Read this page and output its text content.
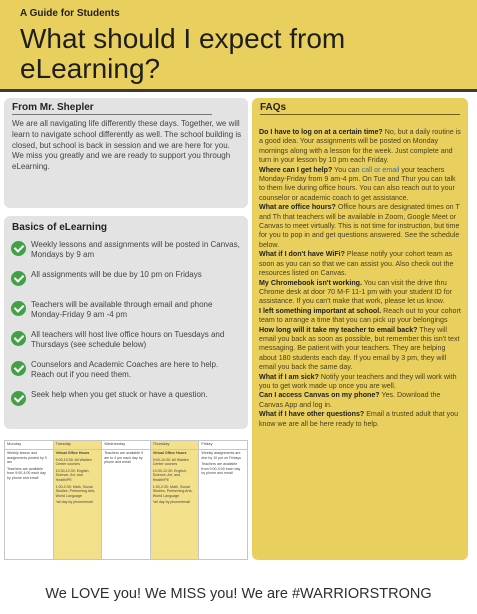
A Guide for Students
What should I expect from eLearning?
From Mr. Shepler

We are all navigating life differently these days. Together, we will learn to navigate school differently as well. The school building is closed, but school is back in session and we are here for you. We miss you greatly and we are ready to support you through eLearning.

Basics of eLearning
Weekly lessons and assignments will be posted in Canvas, Mondays by 9 am
All assignments will be due by 10 pm on Fridays
Teachers will be available through email and phone Monday-Friday 9 am -4 pm
All teachers will host live office hours on Tuesdays and Thursdays (see schedule below)
Counselors and Academic Coaches are here to help. Reach out if you need them.
Seek help when you get stuck or have a question.
Monday	Tuesday	Wednesday	Thursday	Friday

Weekly lesson and assignments posted by 9 am
Teachers are available from 9:00-4:00 each day by phone and email	Virtual Office Hours
9:00-10:30: All Walden Center courses
10:30-12:30: English, Science, Art, and Health/PE
1:00-2:30: Math, Social Studies, Performing Arts, World Language
*all day by phone/email	Teachers are available 9 am to 4 pm each day by phone and email	Virtual Office Hours
9:00-10:30: All Walden Center courses
10:30-12:30: English, Science, Art, and Health/PE
1:00-2:30: Math, Social Studies, Performing Arts, World Language
*all day by phone/email	Weekly assignments are due by 10 pm on Fridays
Teachers are available from 9:00-4:00 each day by phone and email
FAQs
Do I have to log on at a certain time? No, but a daily routine is a good idea. Your assignments will be posted on Monday mornings along with a lesson for the week. Just complete and turn in your lesson by 10 pm each Friday.
Where can I get help? You can call or email your teachers Monday-Friday from 9 am-4 pm. On Tue and Thur you can talk to them live during office hours. You can also reach out to your counselor or academic coach to get assistance.
What are office hours? Office hours are designated times on T and Th that teachers will be available in Zoom, Google Meet or Canvas to meet virtually. This is not time for instruction, but time for you to pop in and get questions answered. See the schedule below.
What if I don't have WiFi? Please notify your cohort team as soon as you can so that we can assist you. Also check out the resources listed on Canvas.
My Chromebook isn't working. You can visit the drive thru Chrome desk at door 70 M-F 11-1 pm with your student ID for assistance. If you can't make that work, please let us know.
I left something important at school. Reach out to your cohort team to arrange a time that you can pick up your belongings
How long will it take my teacher to email back? They will email you back as soon as possible, but remember this isn't text messaging. Be patient with your teachers. They are helping about 180 students each day. If you email by 3 pm, they will email you back the same day.
What if I am sick? Notify your teachers and they will work with you to get work made up once you are well.
Can I access Canvas on my phone? Yes. Download the Canvas App and log in.
What if I have other questions? Email a trusted adult that you know we are all be here ready to help.
We LOVE you! We MISS you! We are #WARRIORSTRONG
